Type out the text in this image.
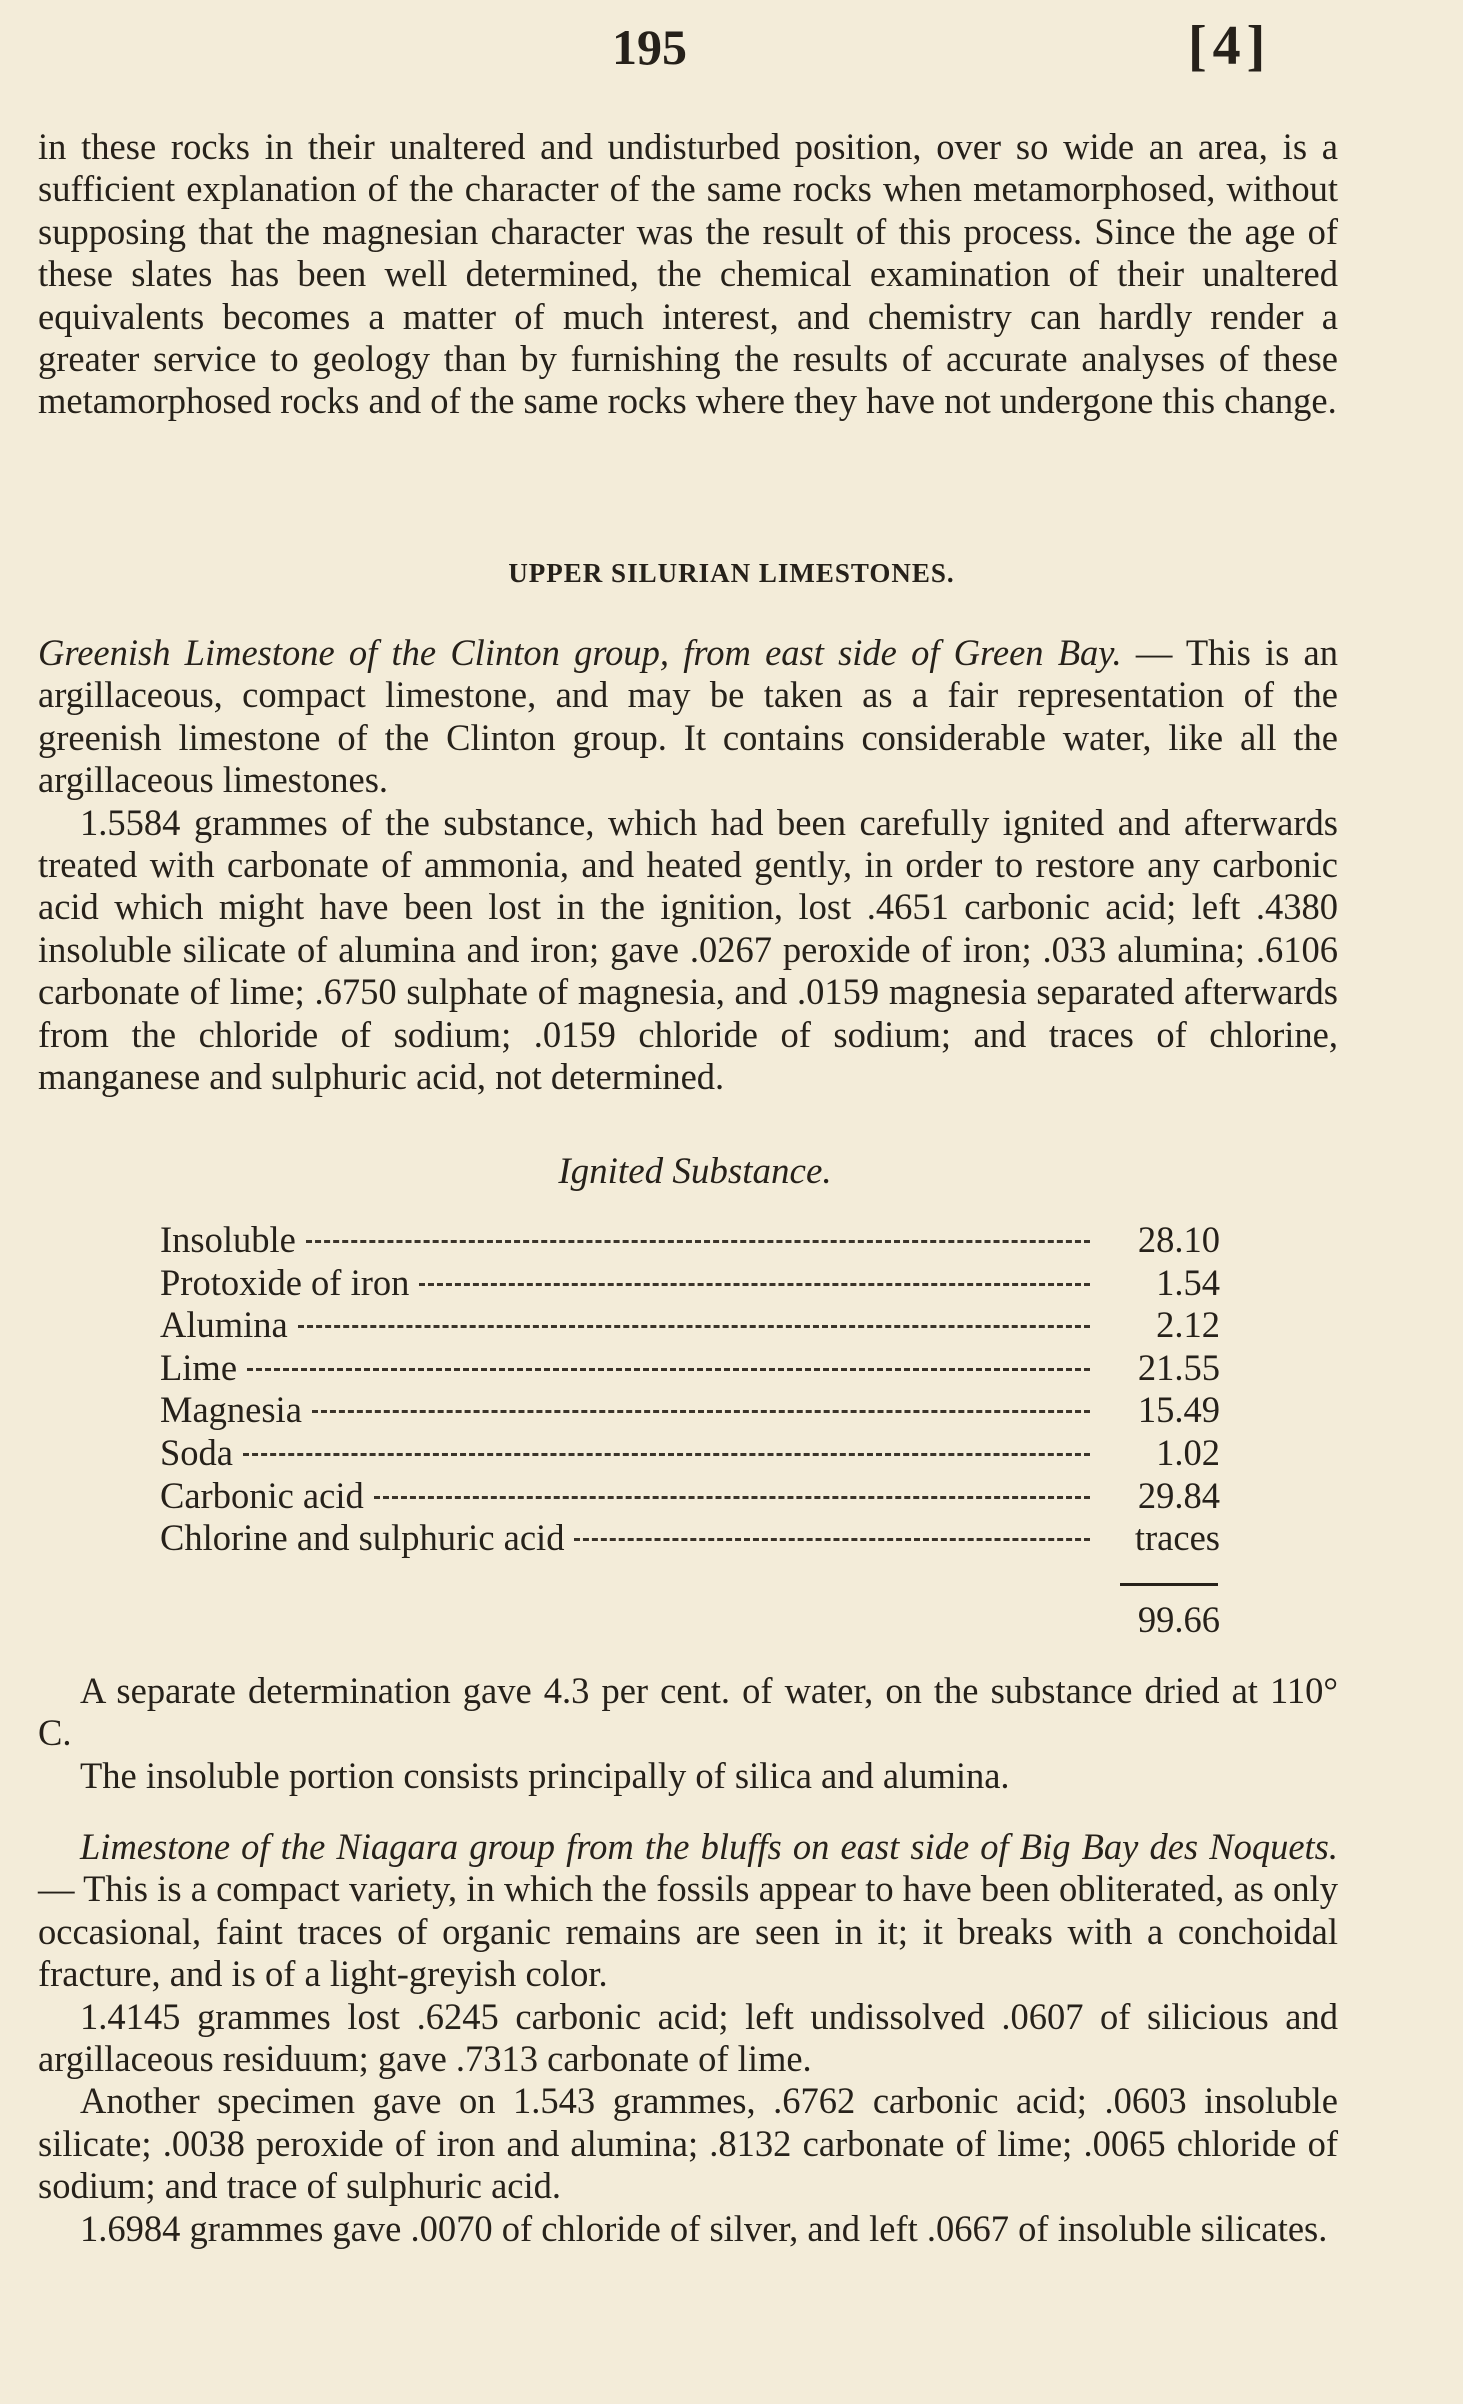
195	[4]

in these rocks in their unaltered and undisturbed position, over so wide an area, is a sufficient explanation of the character of the same rocks when metamorphosed, without supposing that the magnesian character was the result of this process. Since the age of these slates has been well determined, the chemical examination of their unaltered equivalents becomes a matter of much interest, and chemistry can hardly render a greater service to geology than by furnishing the results of accurate analyses of these metamorphosed rocks and of the same rocks where they have not undergone this change.

UPPER SILURIAN LIMESTONES.

Greenish Limestone of the Clinton group, from east side of Green Bay. — This is an argillaceous, compact limestone, and may be taken as a fair representation of the greenish limestone of the Clinton group. It contains considerable water, like all the argillaceous limestones.

1.5584 grammes of the substance, which had been carefully ignited and afterwards treated with carbonate of ammonia, and heated gently, in order to restore any carbonic acid which might have been lost in the ignition, lost .4651 carbonic acid; left .4380 insoluble silicate of alumina and iron; gave .0267 peroxide of iron; .033 alumina; .6106 carbonate of lime; .6750 sulphate of magnesia, and .0159 magnesia separated afterwards from the chloride of sodium; .0159 chloride of sodium; and traces of chlorine, manganese and sulphuric acid, not determined.

Ignited Substance.
Insoluble	28.10
Protoxide of iron	1.54
Alumina	2.12
Lime	21.55
Magnesia	15.49
Soda	1.02
Carbonic acid	29.84
Chlorine and sulphuric acid	traces
99.66

A separate determination gave 4.3 per cent. of water, on the substance dried at 110° C.

The insoluble portion consists principally of silica and alumina.

Limestone of the Niagara group from the bluffs on east side of Big Bay des Noquets. — This is a compact variety, in which the fossils appear to have been obliterated, as only occasional, faint traces of organic remains are seen in it; it breaks with a conchoidal fracture, and is of a light-greyish color.

1.4145 grammes lost .6245 carbonic acid; left undissolved .0607 of silicious and argillaceous residuum; gave .7313 carbonate of lime.

Another specimen gave on 1.543 grammes, .6762 carbonic acid; .0603 insoluble silicate; .0038 peroxide of iron and alumina; .8132 carbonate of lime; .0065 chloride of sodium; and trace of sulphuric acid.

1.6984 grammes gave .0070 of chloride of silver, and left .0667 of insoluble silicates.
